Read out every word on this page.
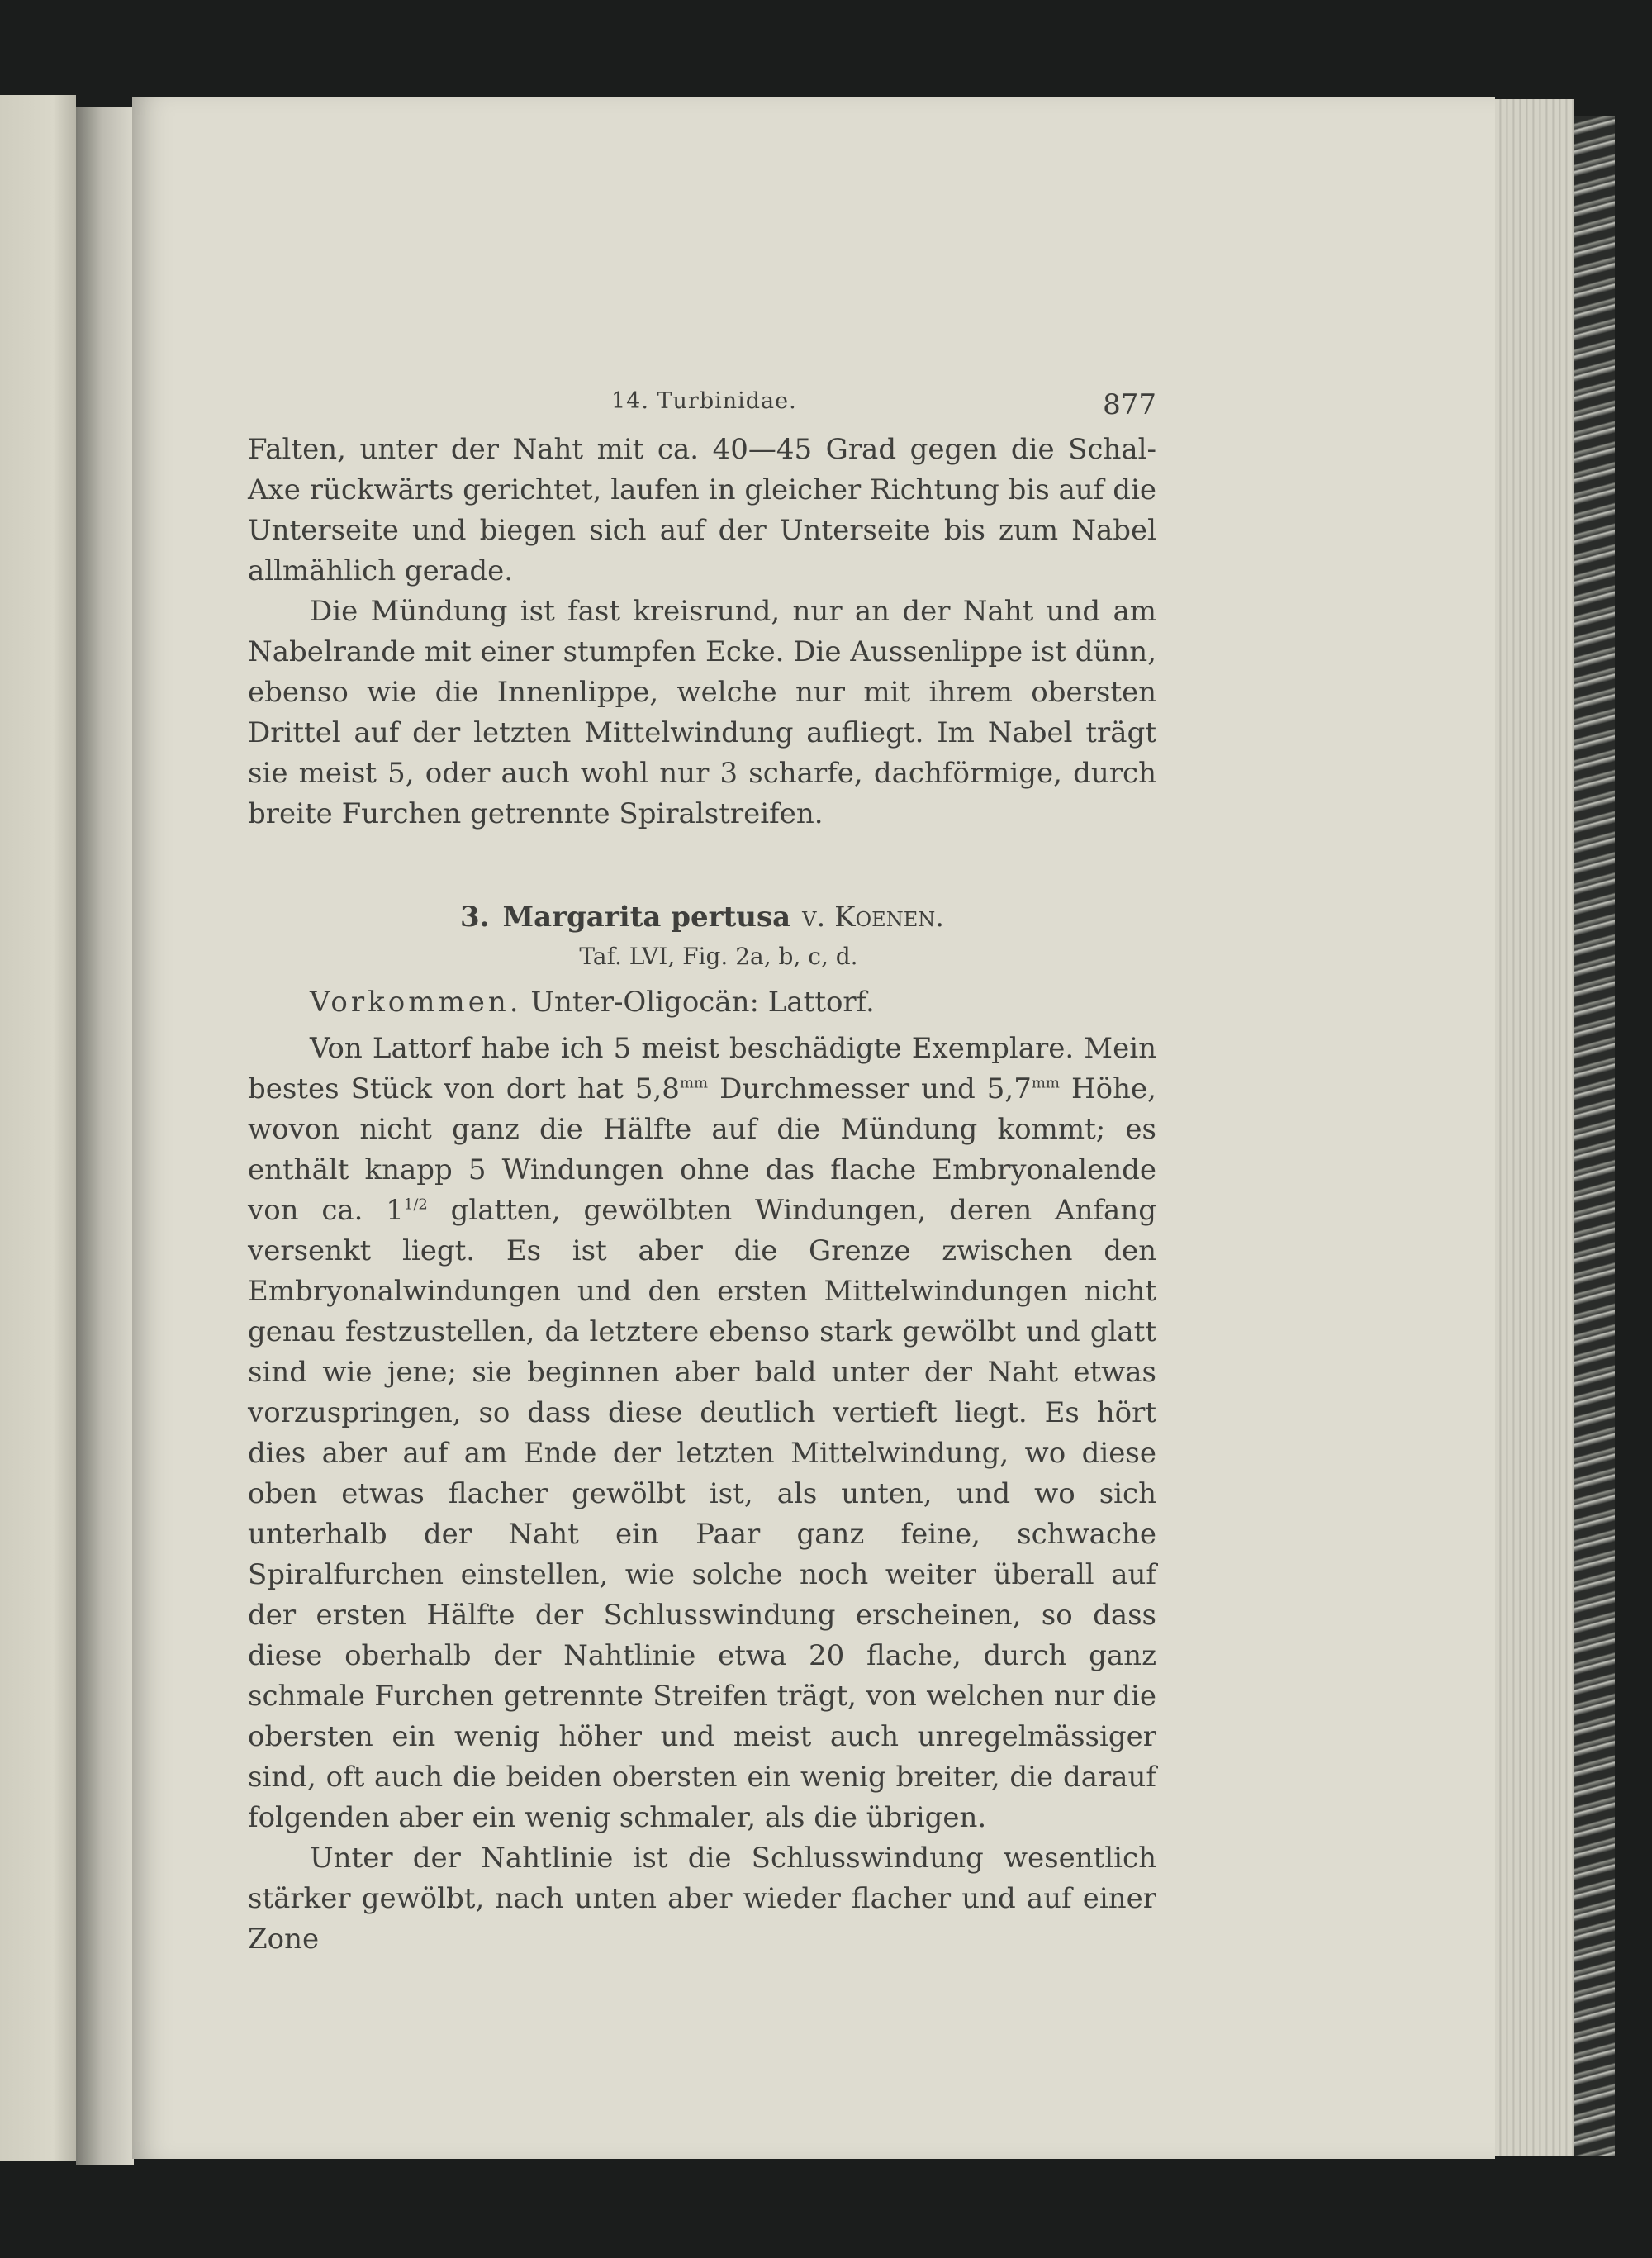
14. Turbinidae.	877

Falten, unter der Naht mit ca. 40—45 Grad gegen die Schal-Axe rückwärts gerichtet, laufen in gleicher Richtung bis auf die Unterseite und biegen sich auf der Unterseite bis zum Nabel allmählich gerade.

Die Mündung ist fast kreisrund, nur an der Naht und am Nabelrande mit einer stumpfen Ecke. Die Aussenlippe ist dünn, ebenso wie die Innenlippe, welche nur mit ihrem obersten Drittel auf der letzten Mittelwindung aufliegt. Im Nabel trägt sie meist 5, oder auch wohl nur 3 scharfe, dachförmige, durch breite Furchen getrennte Spiralstreifen.

3. Margarita pertusa v. Koenen.
Taf. LVI, Fig. 2a, b, c, d.

Vorkommen. Unter-Oligocän: Lattorf.

Von Lattorf habe ich 5 meist beschädigte Exemplare. Mein bestes Stück von dort hat $5,8^{mm}$ Durchmesser und $5,7^{mm}$ Höhe, wovon nicht ganz die Hälfte auf die Mündung kommt; es enthält knapp 5 Windungen ohne das flache Embryonalende von ca. $1^{1/2}$ glatten, gewölbten Windungen, deren Anfang versenkt liegt. Es ist aber die Grenze zwischen den Embryonalwindungen und den ersten Mittelwindungen nicht genau festzustellen, da letztere ebenso stark gewölbt und glatt sind wie jene; sie beginnen aber bald unter der Naht etwas vorzuspringen, so dass diese deutlich vertieft liegt. Es hört dies aber auf am Ende der letzten Mittelwindung, wo diese oben etwas flacher gewölbt ist, als unten, und wo sich unterhalb der Naht ein Paar ganz feine, schwache Spiralfurchen einstellen, wie solche noch weiter überall auf der ersten Hälfte der Schlusswindung erscheinen, so dass diese oberhalb der Nahtlinie etwa 20 flache, durch ganz schmale Furchen getrennte Streifen trägt, von welchen nur die obersten ein wenig höher und meist auch unregelmässiger sind, oft auch die beiden obersten ein wenig breiter, die darauf folgenden aber ein wenig schmaler, als die übrigen.

Unter der Nahtlinie ist die Schlusswindung wesentlich stärker gewölbt, nach unten aber wieder flacher und auf einer Zone
